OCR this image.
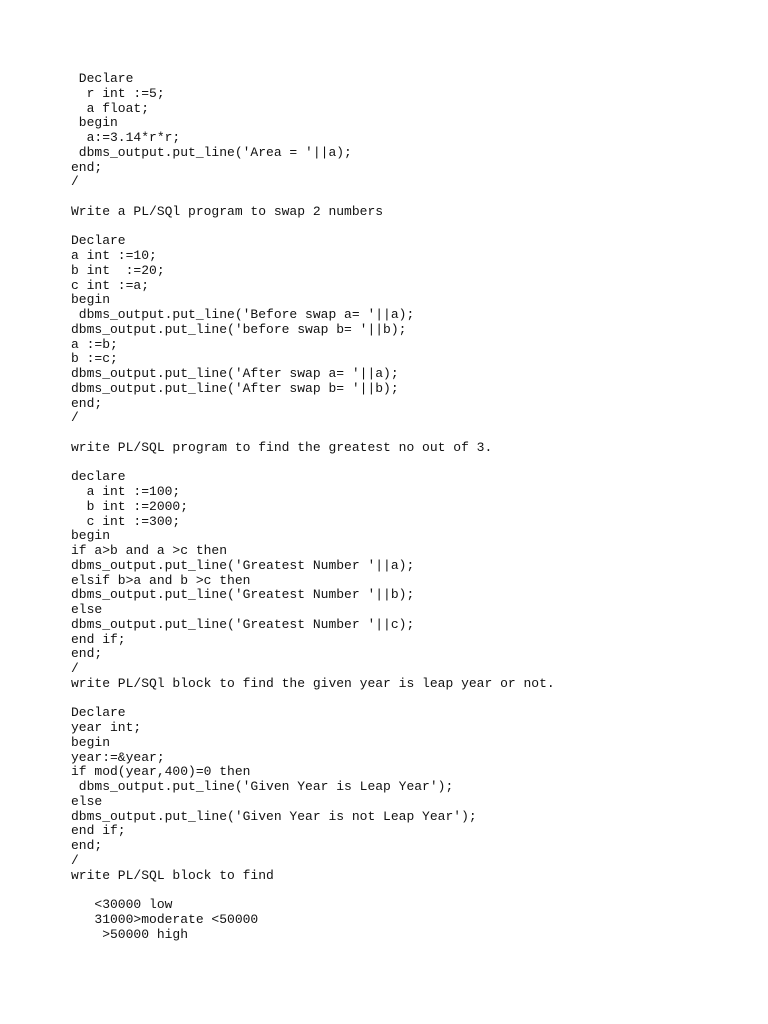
Declare
r int :=5;
a float;
begin
a:=3.14*r*r;
dbms_output.put_line('Area = '||a);
end;
/
Write a PL/SQl program to swap 2 numbers
Declare
a int :=10;
b int  :=20;
c int :=a;
begin
dbms_output.put_line('Before swap a= '||a);
dbms_output.put_line('before swap b= '||b);
a :=b;
b :=c;
dbms_output.put_line('After swap a= '||a);
dbms_output.put_line('After swap b= '||b);
end;
/
write PL/SQL program to find the greatest no out of 3.
declare
a int :=100;
b int :=2000;
c int :=300;
begin
if a>b and a >c then
dbms_output.put_line('Greatest Number '||a);
elsif b>a and b >c then
dbms_output.put_line('Greatest Number '||b);
else
dbms_output.put_line('Greatest Number '||c);
end if;
end;
/
write PL/SQl block to find the given year is leap year or not.
Declare
year int;
begin
year:=&year;
if mod(year,400)=0 then
dbms_output.put_line('Given Year is Leap Year');
else
dbms_output.put_line('Given Year is not Leap Year');
end if;
end;
/
write PL/SQL block to find
<30000 low
31000>moderate <50000
>50000 high
